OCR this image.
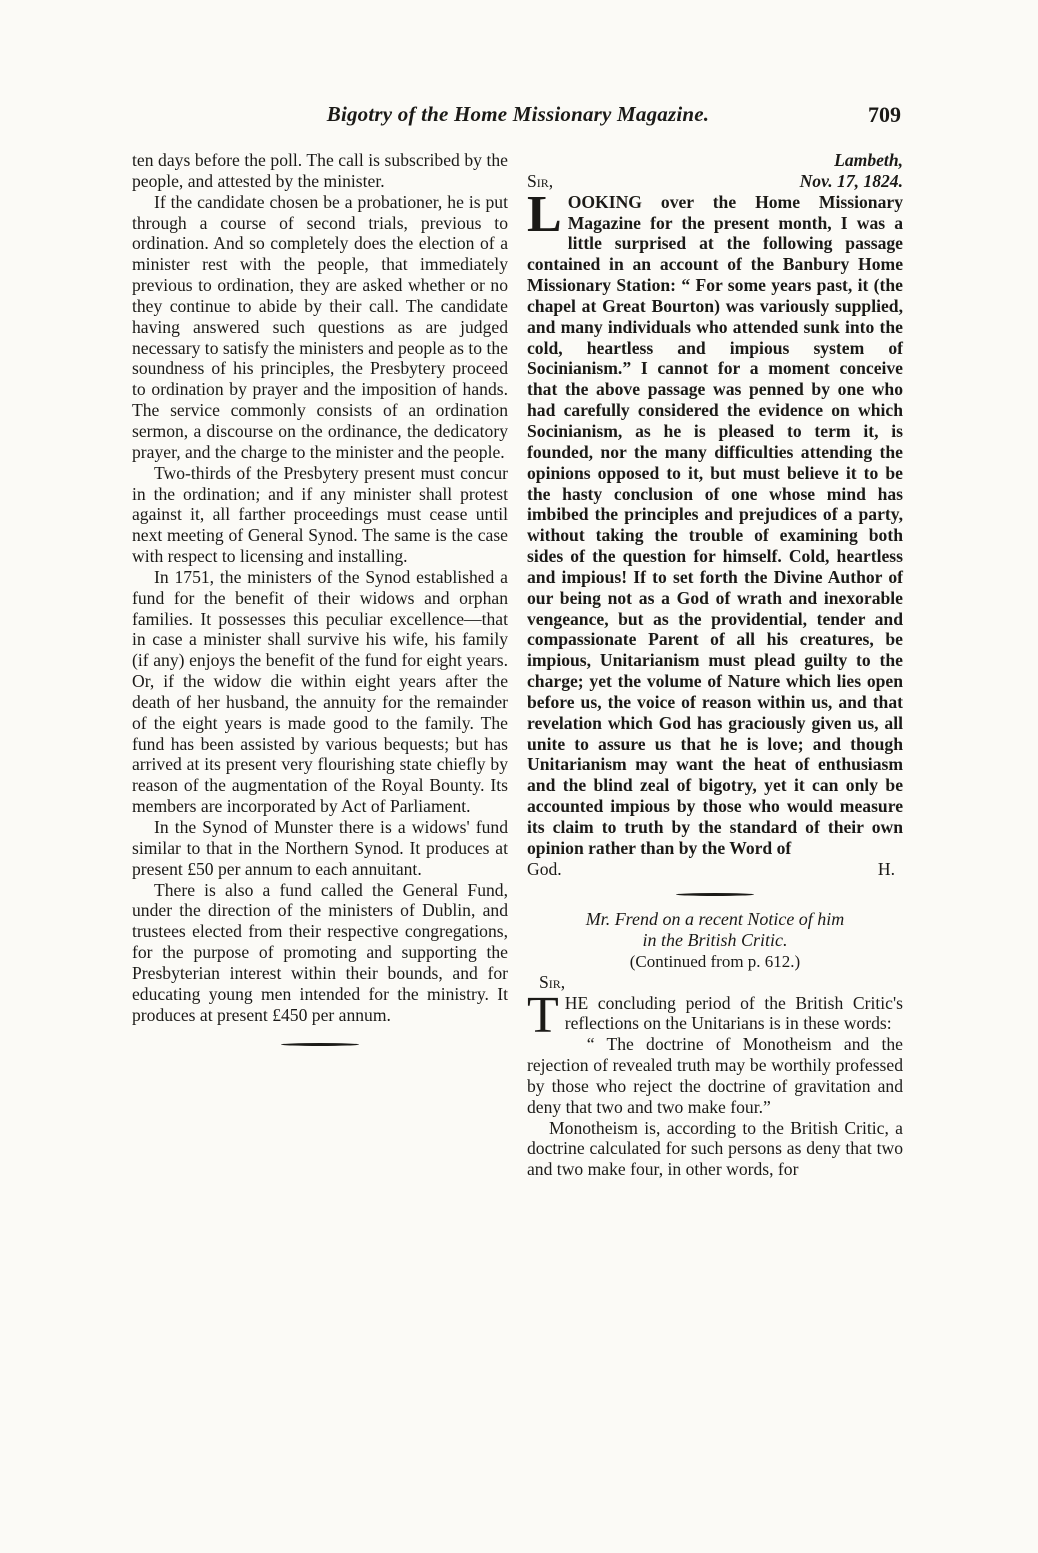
Bigotry of the Home Missionary Magazine.	709

ten days before the poll. The call is subscribed by the people, and attested by the minister.

If the candidate chosen be a probationer, he is put through a course of second trials, previous to ordination. And so completely does the election of a minister rest with the people, that immediately previous to ordination, they are asked whether or no they continue to abide by their call. The candidate having answered such questions as are judged necessary to satisfy the ministers and people as to the soundness of his principles, the Presbytery proceed to ordination by prayer and the imposition of hands. The service commonly consists of an ordination sermon, a discourse on the ordinance, the dedicatory prayer, and the charge to the minister and the people.

Two-thirds of the Presbytery present must concur in the ordination; and if any minister shall protest against it, all farther proceedings must cease until next meeting of General Synod. The same is the case with respect to licensing and installing.

In 1751, the ministers of the Synod established a fund for the benefit of their widows and orphan families. It possesses this peculiar excellence—that in case a minister shall survive his wife, his family (if any) enjoys the benefit of the fund for eight years. Or, if the widow die within eight years after the death of her husband, the annuity for the remainder of the eight years is made good to the family. The fund has been assisted by various bequests; but has arrived at its present very flourishing state chiefly by reason of the augmentation of the Royal Bounty. Its members are incorporated by Act of Parliament.

In the Synod of Munster there is a widows' fund similar to that in the Northern Synod. It produces at present £50 per annum to each annuitant.

There is also a fund called the General Fund, under the direction of the ministers of Dublin, and trustees elected from their respective congregations, for the purpose of promoting and supporting the Presbyterian interest within their bounds, and for educating young men intended for the ministry. It produces at present £450 per annum.

Lambeth,
Sir,	Nov. 17, 1824.

LOOKING over the Home Missionary Magazine for the present month, I was a little surprised at the following passage contained in an account of the Banbury Home Missionary Station: “ For some years past, it (the chapel at Great Bourton) was variously supplied, and many individuals who attended sunk into the cold, heartless and impious system of Socinianism.” I cannot for a moment conceive that the above passage was penned by one who had carefully considered the evidence on which Socinianism, as he is pleased to term it, is founded, nor the many difficulties attending the opinions opposed to it, but must believe it to be the hasty conclusion of one whose mind has imbibed the principles and prejudices of a party, without taking the trouble of examining both sides of the question for himself. Cold, heartless and impious! If to set forth the Divine Author of our being not as a God of wrath and inexorable vengeance, but as the providential, tender and compassionate Parent of all his creatures, be impious, Unitarianism must plead guilty to the charge; yet the volume of Nature which lies open before us, the voice of reason within us, and that revelation which God has graciously given us, all unite to assure us that he is love; and though Unitarianism may want the heat of enthusiasm and the blind zeal of bigotry, yet it can only be accounted impious by those who would measure its claim to truth by the standard of their own opinion rather than by the Word of

God.	H.
Mr. Frend on a recent Notice of him
in the British Critic.
(Continued from p. 612.)
Sir,

THE concluding period of the British Critic's reflections on the Unitarians is in these words:

“ The doctrine of Monotheism and the rejection of revealed truth may be worthily professed by those who reject the doctrine of gravitation and deny that two and two make four.”

Monotheism is, according to the British Critic, a doctrine calculated for such persons as deny that two and two make four, in other words, for
